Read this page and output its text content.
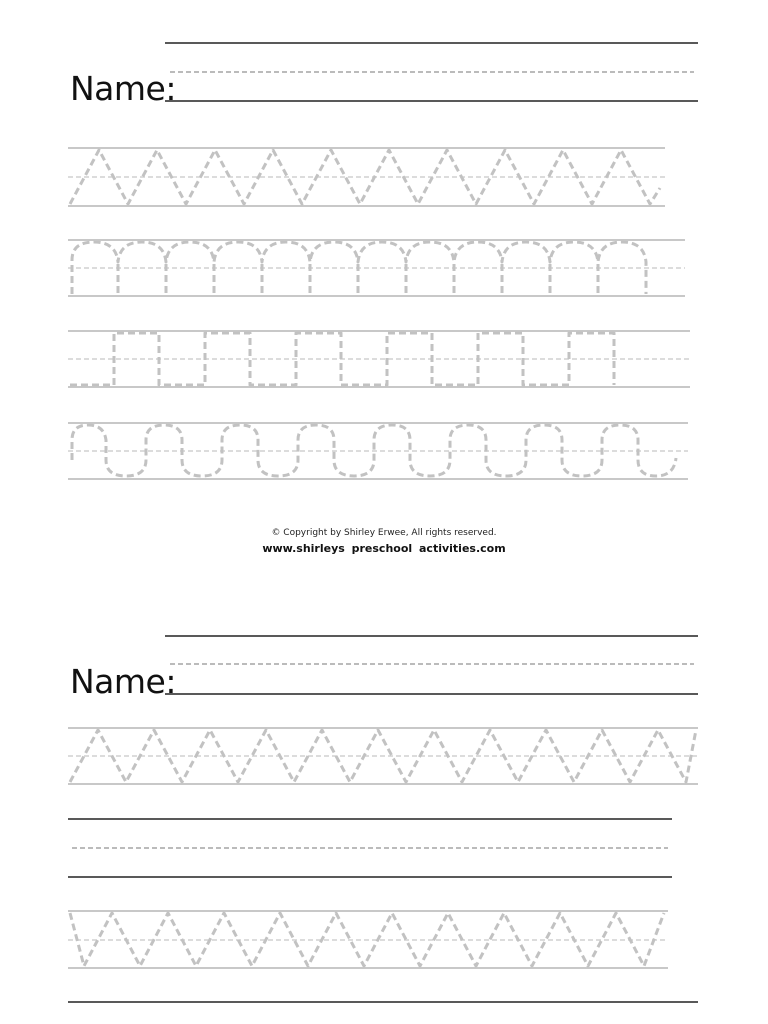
Name:
© Copyright by Shirley Erwee, All rights reserved.
www.shirleys preschool activities.com
Name:
